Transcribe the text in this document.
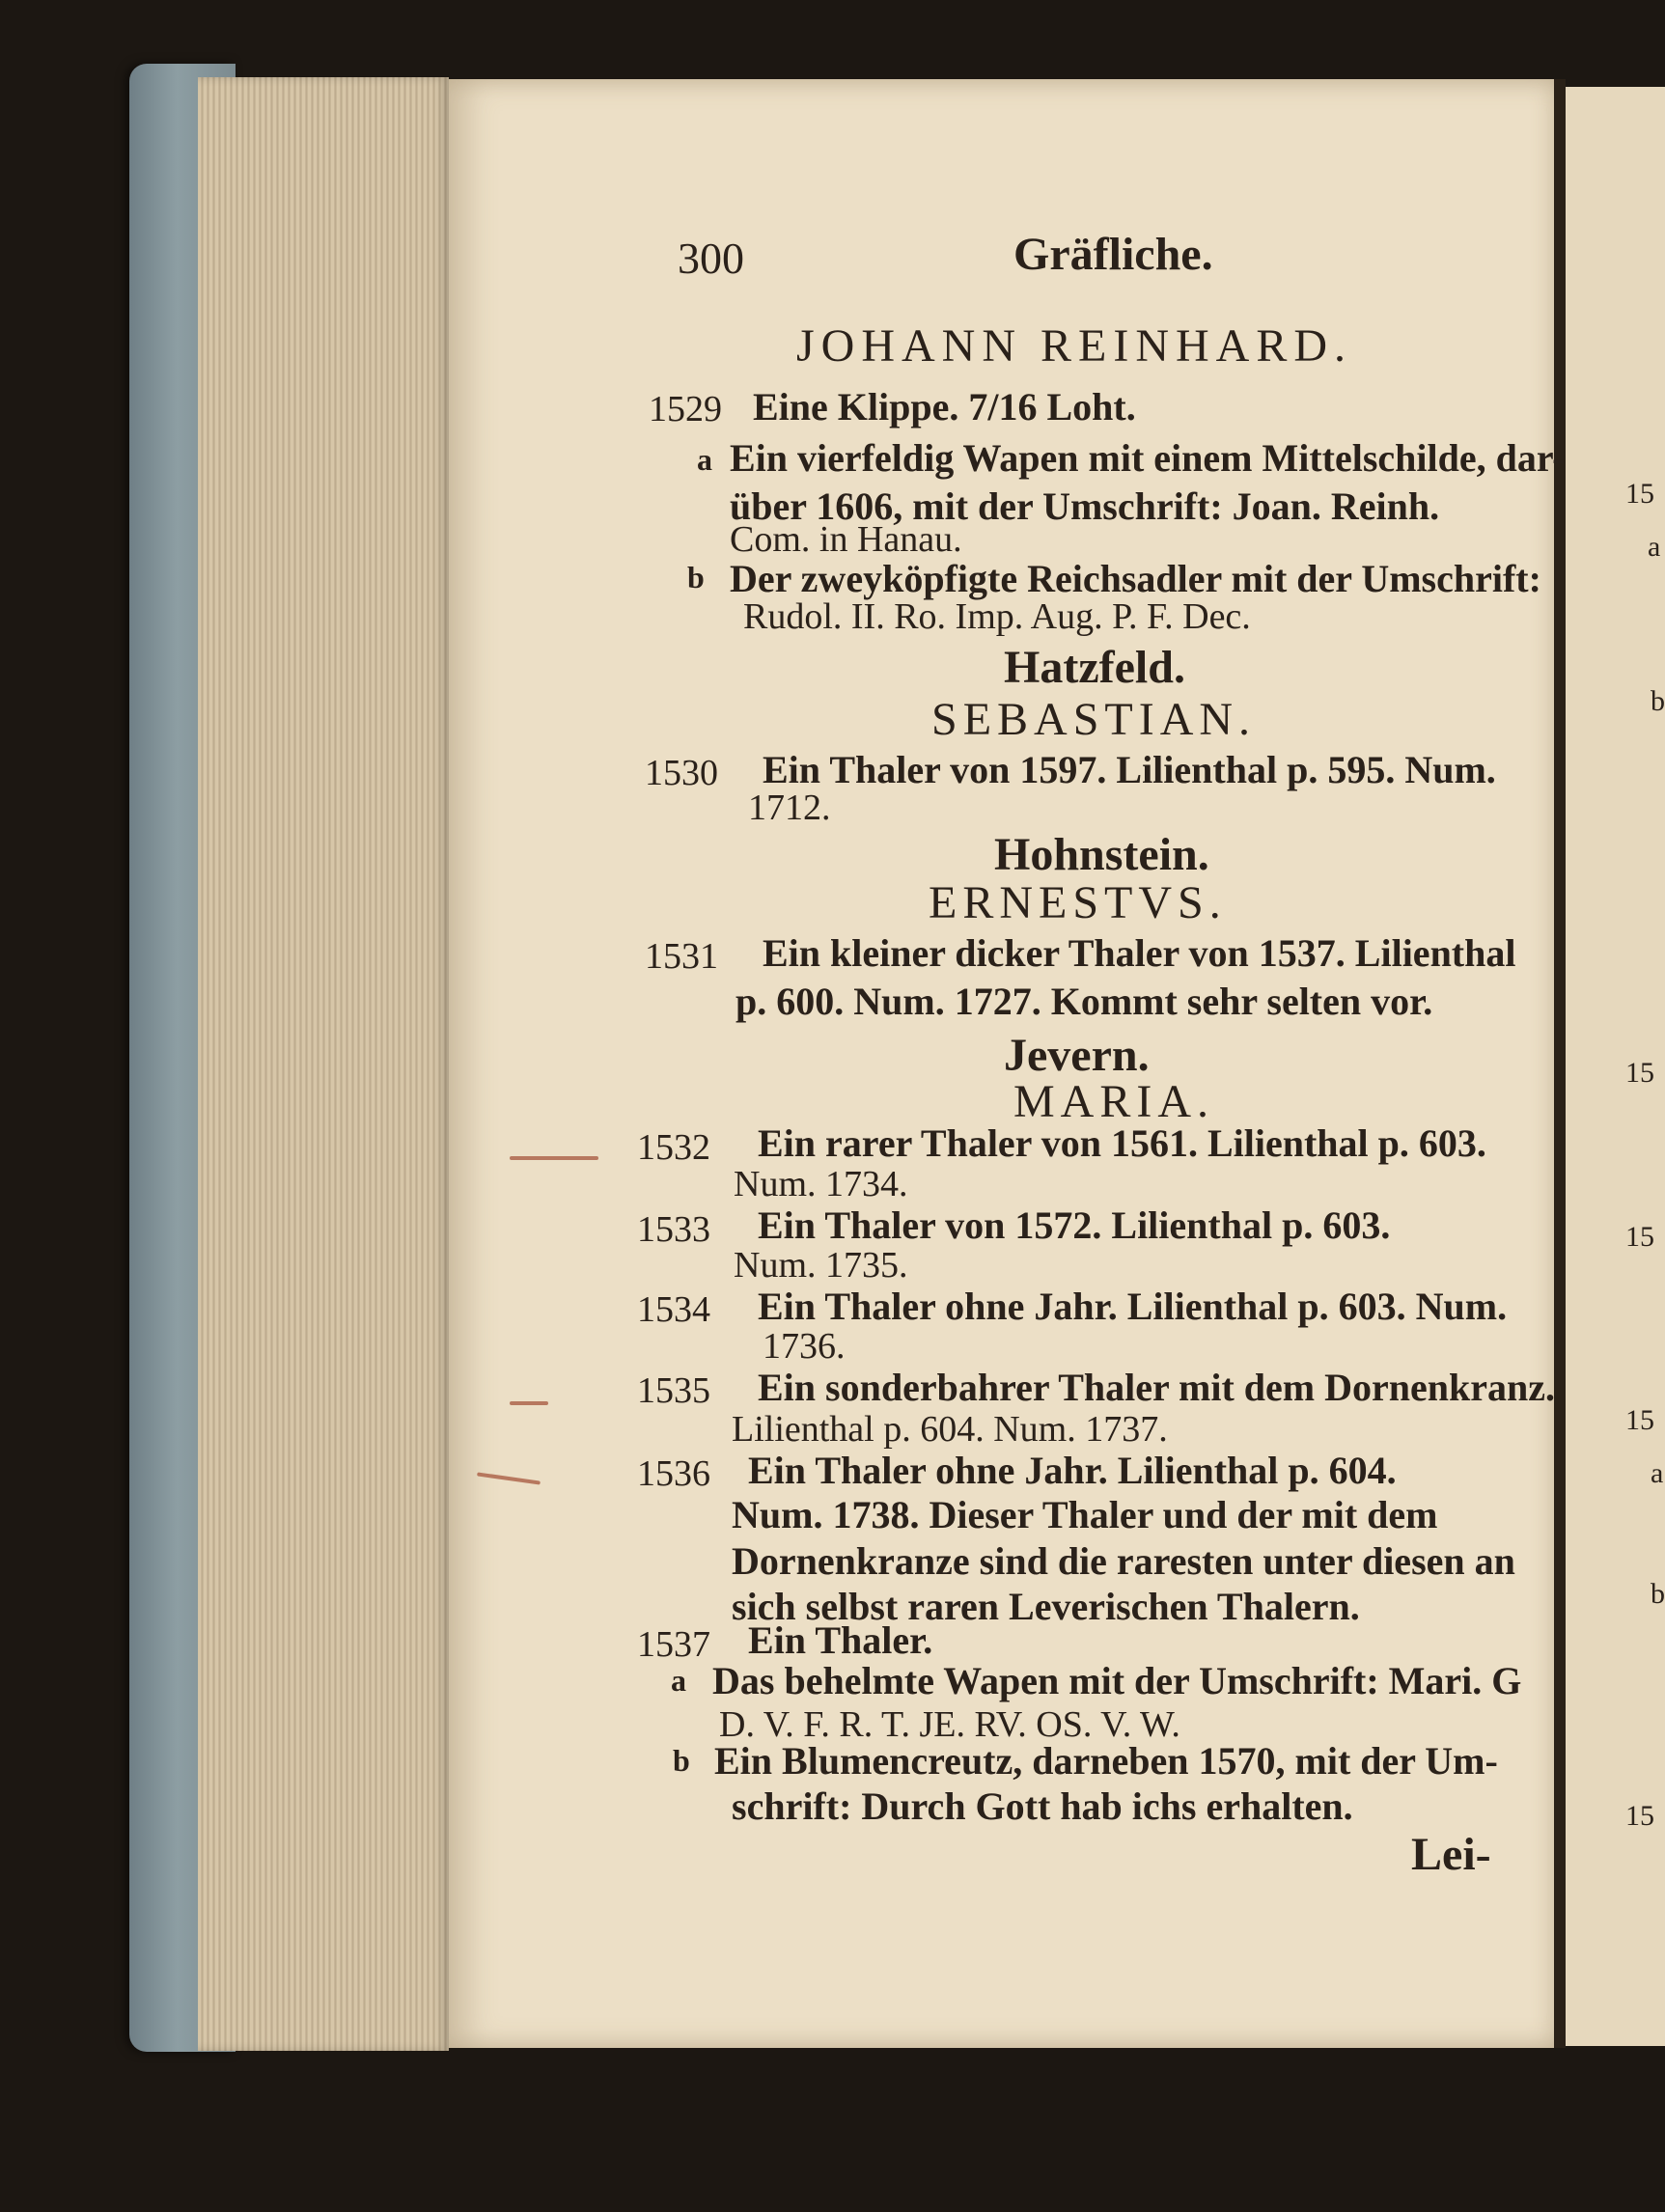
15
a
b
15
15
15
a
b
15
300	Gräfliche.
JOHANN REINHARD.
1529 Eine Klippe. 7/16 Loht.
a Ein vierfeldig Wapen mit einem Mittelschilde, dar-
über 1606, mit der Umschrift: Joan. Reinh.
Com. in Hanau.
b Der zweyköpfigte Reichsadler mit der Umschrift:
Rudol. II. Ro. Imp. Aug. P. F. Dec.
Hatzfeld.
SEBASTIAN.
1530 Ein Thaler von 1597. Lilienthal p. 595. Num.
1712.
Hohnstein.
ERNESTVS.
1531 Ein kleiner dicker Thaler von 1537. Lilienthal
p. 600. Num. 1727. Kommt sehr selten vor.
Jevern.
MARIA.
1532 Ein rarer Thaler von 1561. Lilienthal p. 603.
Num. 1734.
1533 Ein Thaler von 1572. Lilienthal p. 603.
Num. 1735.
1534 Ein Thaler ohne Jahr. Lilienthal p. 603. Num.
1736.
1535 Ein sonderbahrer Thaler mit dem Dornenkranz.
Lilienthal p. 604. Num. 1737.
1536 Ein Thaler ohne Jahr. Lilienthal p. 604.
Num. 1738. Dieser Thaler und der mit dem
Dornenkranze sind die raresten unter diesen an
sich selbst raren Leverischen Thalern.
1537 Ein Thaler.
a Das behelmte Wapen mit der Umschrift: Mari. G
D. V. F. R. T. JE. RV. OS. V. W.
b Ein Blumencreutz, darneben 1570, mit der Um-
schrift: Durch Gott hab ichs erhalten.
Lei-
